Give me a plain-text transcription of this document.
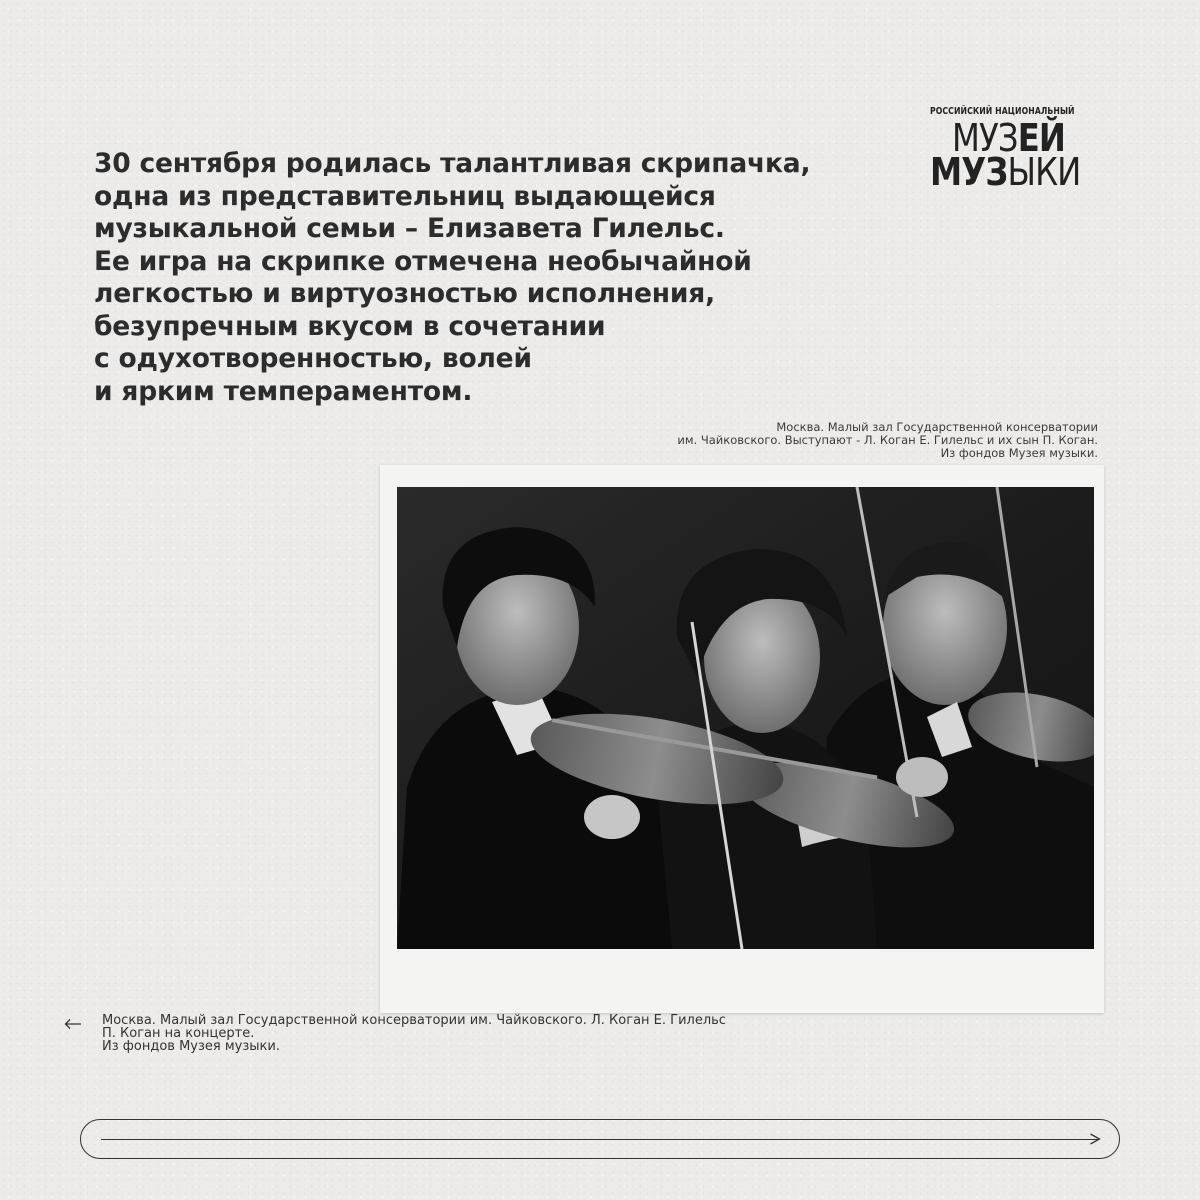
РОССИЙСКИЙ НАЦИОНАЛЬНЫЙ
МУЗЕЙ
МУЗЫКИ
30 сентября родилась талантливая скрипачка,
одна из представительниц выдающейся
музыкальной семьи – Елизавета Гилельс.
Ее игра на скрипке отмечена необычайной
легкостью и виртуозностью исполнения,
безупречным вкусом в сочетании
с одухотворенностью, волей
и ярким темпераментом.
Москва. Малый зал Государственной консерватории
им. Чайковского. Выступают - Л. Коган Е. Гилельс и их сын П. Коган.
Из фондов Музея музыки.
Москва. Малый зал Государственной консерватории им. Чайковского. Л. Коган Е. Гилельс
П. Коган на концерте.
Из фондов Музея музыки.
